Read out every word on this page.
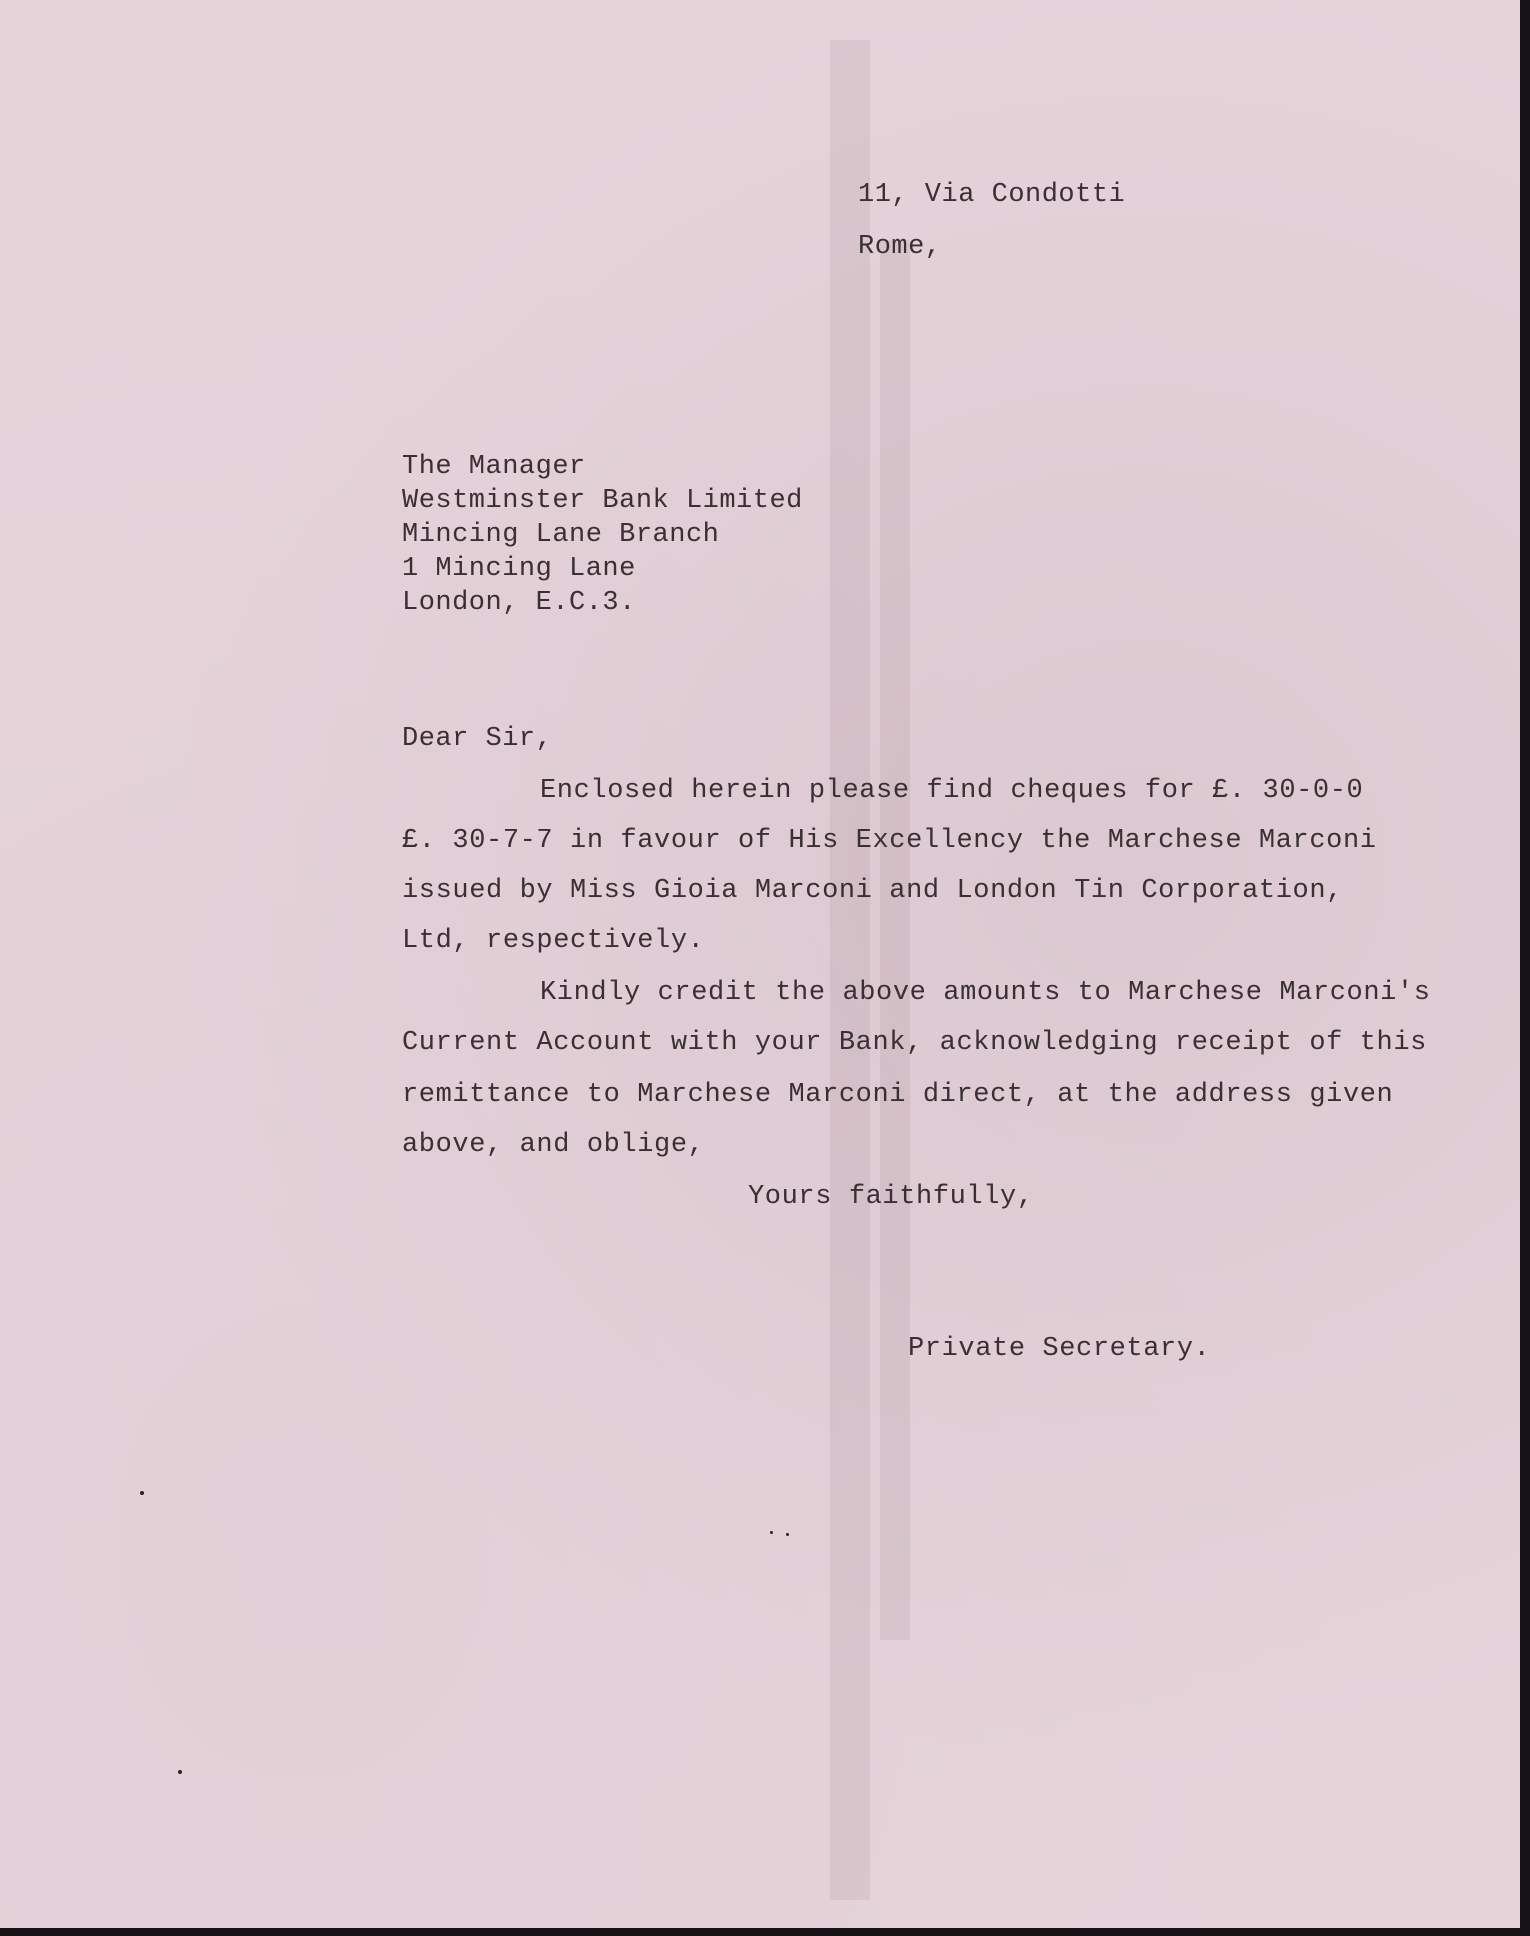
11, Via Condotti
Rome,
The Manager
Westminster Bank Limited
Mincing Lane Branch
1 Mincing Lane
London, E.C.3.
Dear Sir,
Enclosed herein please find cheques for £. 30-0-0
£. 30-7-7 in favour of His Excellency the Marchese Marconi
issued by Miss Gioia Marconi and London Tin Corporation,
Ltd, respectively.
Kindly credit the above amounts to Marchese Marconi's
Current Account with your Bank, acknowledging receipt of this
remittance to Marchese Marconi direct, at the address given
above, and oblige,
Yours faithfully,
Private Secretary.
